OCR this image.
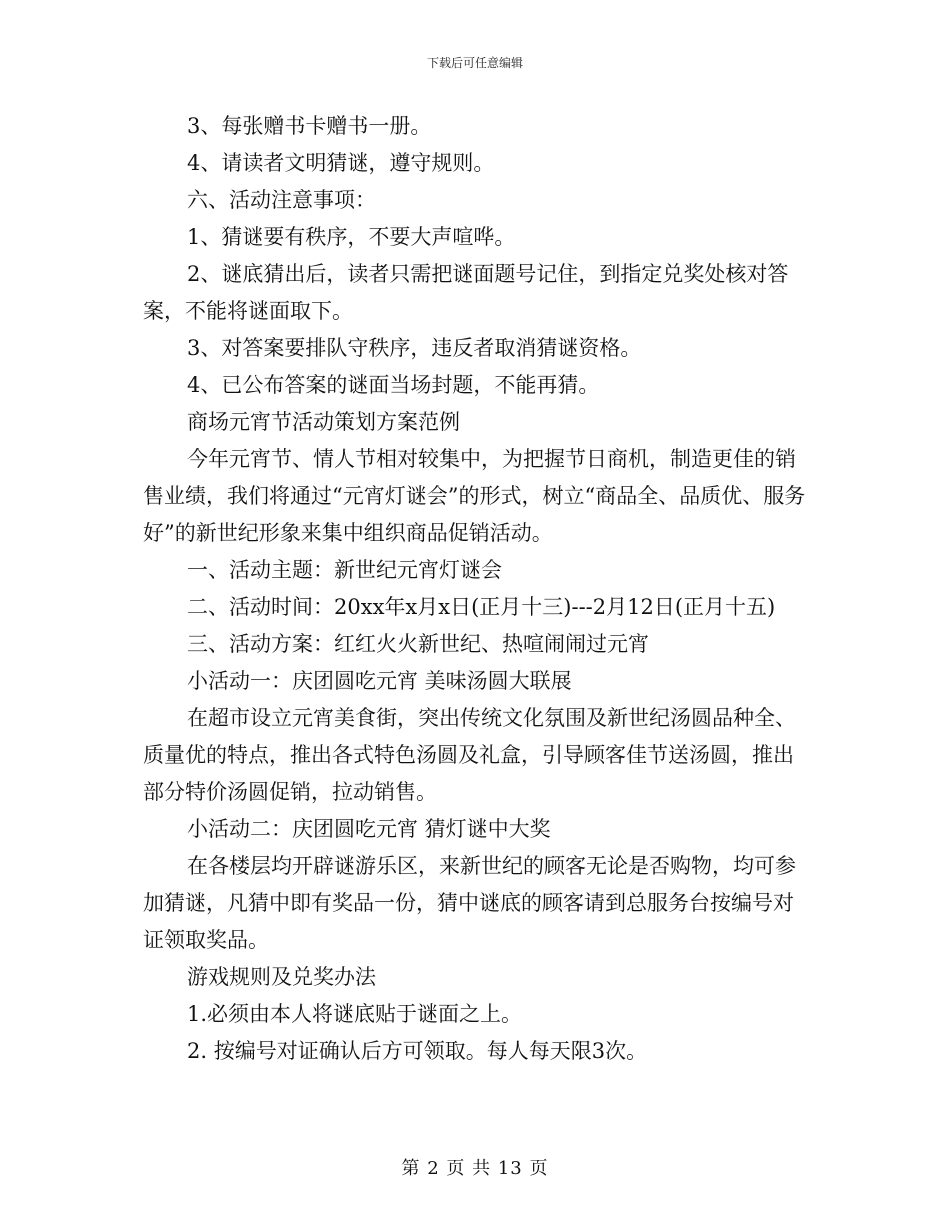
下载后可任意编辑
3、每张赠书卡赠书一册。
4、请读者文明猜谜，遵守规则。
六、活动注意事项：
1、猜谜要有秩序，不要大声喧哗。
2、谜底猜出后，读者只需把谜面题号记住，到指定兑奖处核对答案，不能将谜面取下。
3、对答案要排队守秩序，违反者取消猜谜资格。
4、已公布答案的谜面当场封题，不能再猜。
商场元宵节活动策划方案范例
今年元宵节、情人节相对较集中，为把握节日商机，制造更佳的销售业绩，我们将通过“元宵灯谜会”的形式，树立“商品全、品质优、服务好”的新世纪形象来集中组织商品促销活动。
一、活动主题：新世纪元宵灯谜会
二、活动时间：20xx年x月x日(正月十三)---2月12日(正月十五)
三、活动方案：红红火火新世纪、热喧闹闹过元宵
小活动一：庆团圆吃元宵 美味汤圆大联展
在超市设立元宵美食街，突出传统文化氛围及新世纪汤圆品种全、质量优的特点，推出各式特色汤圆及礼盒，引导顾客佳节送汤圆，推出部分特价汤圆促销，拉动销售。
小活动二：庆团圆吃元宵 猜灯谜中大奖
在各楼层均开辟谜游乐区，来新世纪的顾客无论是否购物，均可参加猜谜，凡猜中即有奖品一份，猜中谜底的顾客请到总服务台按编号对证领取奖品。
游戏规则及兑奖办法
1.必须由本人将谜底贴于谜面之上。
2. 按编号对证确认后方可领取。每人每天限3次。
第 2 页 共 13 页
